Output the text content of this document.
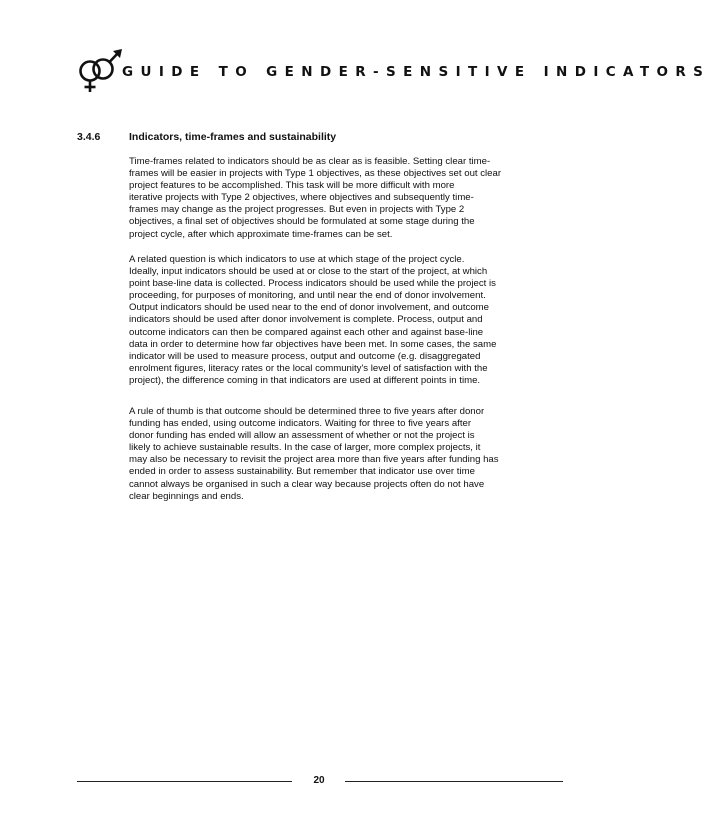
GUIDE TO GENDER-SENSITIVE INDICATORS
3.4.6	Indicators, time-frames and sustainability

Time-frames related to indicators should be as clear as is feasible. Setting clear time-
frames will be easier in projects with Type 1 objectives, as these objectives set out clear
project features to be accomplished. This task will be more difficult with more
iterative projects with Type 2 objectives, where objectives and subsequently time-
frames may change as the project progresses. But even in projects with Type 2
objectives, a final set of objectives should be formulated at some stage during the
project cycle, after which approximate time-frames can be set.

A related question is which indicators to use at which stage of the project cycle.
Ideally, input indicators should be used at or close to the start of the project, at which
point base-line data is collected. Process indicators should be used while the project is
proceeding, for purposes of monitoring, and until near the end of donor involvement.
Output indicators should be used near to the end of donor involvement, and outcome
indicators should be used after donor involvement is complete. Process, output and
outcome indicators can then be compared against each other and against base-line
data in order to determine how far objectives have been met. In some cases, the same
indicator will be used to measure process, output and outcome (e.g. disaggregated
enrolment figures, literacy rates or the local community's level of satisfaction with the
project), the difference coming in that indicators are used at different points in time.

A rule of thumb is that outcome should be determined three to five years after donor
funding has ended, using outcome indicators. Waiting for three to five years after
donor funding has ended will allow an assessment of whether or not the project is
likely to achieve sustainable results. In the case of larger, more complex projects, it
may also be necessary to revisit the project area more than five years after funding has
ended in order to assess sustainability. But remember that indicator use over time
cannot always be organised in such a clear way because projects often do not have
clear beginnings and ends.

20
